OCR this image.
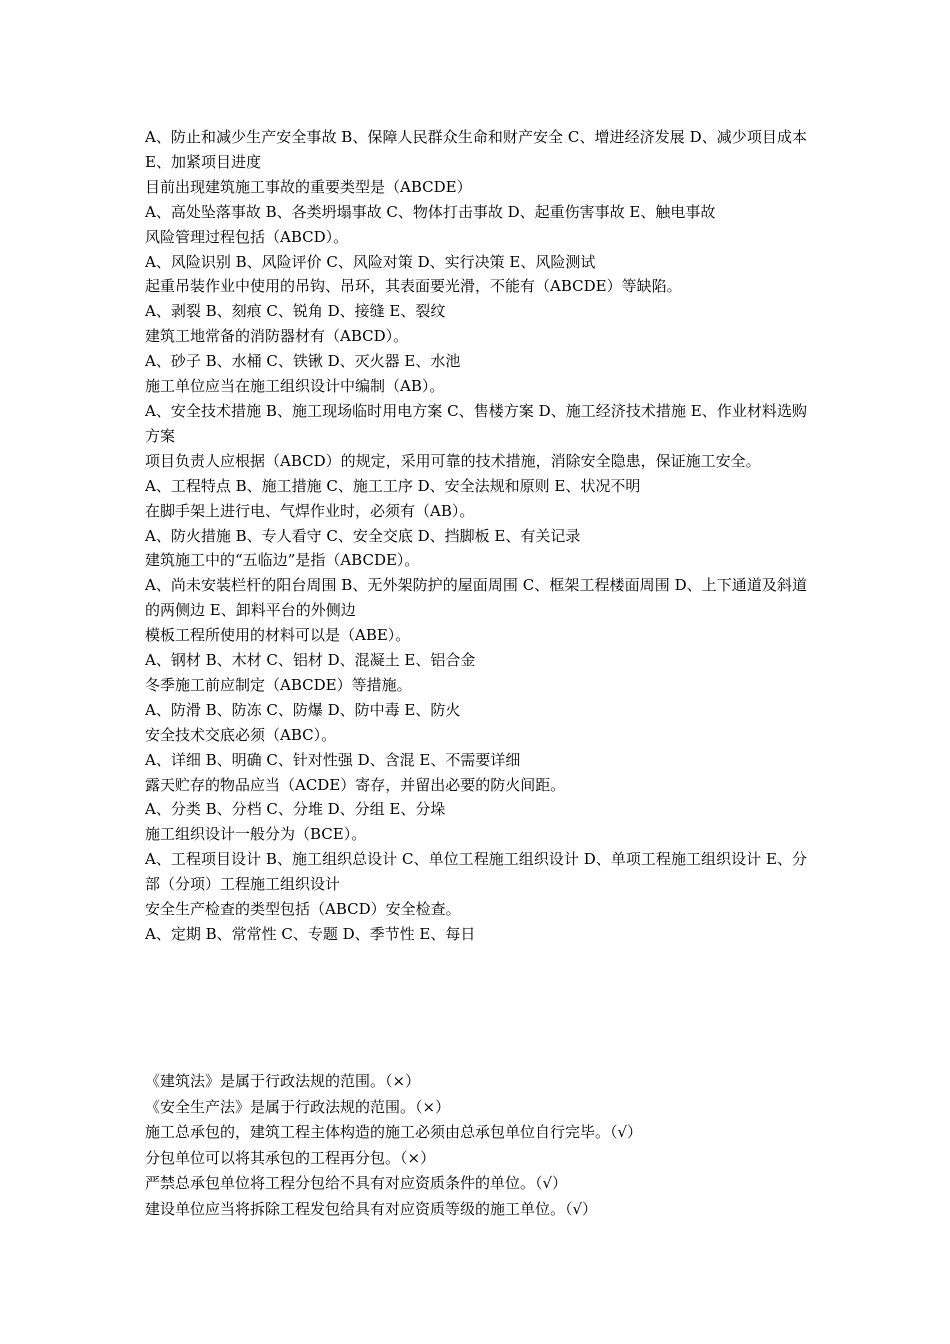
A、防止和减少生产安全事故 B、保障人民群众生命和财产安全 C、增进经济发展 D、减少项目成本 E、加紧项目进度

目前出现建筑施工事故的重要类型是（ABCDE）

A、高处坠落事故 B、各类坍塌事故 C、物体打击事故 D、起重伤害事故 E、触电事故

风险管理过程包括（ABCD）。

A、风险识别 B、风险评价 C、风险对策 D、实行决策 E、风险测试

起重吊装作业中使用的吊钩、吊环，其表面要光滑，不能有（ABCDE）等缺陷。

A、剥裂 B、刻痕 C、锐角 D、接缝 E、裂纹

建筑工地常备的消防器材有（ABCD）。

A、砂子 B、水桶 C、铁锹 D、灭火器 E、水池

施工单位应当在施工组织设计中编制（AB）。

A、安全技术措施 B、施工现场临时用电方案 C、售楼方案 D、施工经济技术措施 E、作业材料选购方案

项目负责人应根据（ABCD）的规定，采用可靠的技术措施，消除安全隐患，保证施工安全。

A、工程特点 B、施工措施 C、施工工序 D、安全法规和原则 E、状况不明

在脚手架上进行电、气焊作业时，必须有（AB）。

A、防火措施 B、专人看守 C、安全交底 D、挡脚板 E、有关记录

建筑施工中的“五临边”是指（ABCDE）。

A、尚未安装栏杆的阳台周围 B、无外架防护的屋面周围 C、框架工程楼面周围 D、上下通道及斜道的两侧边 E、卸料平台的外侧边

模板工程所使用的材料可以是（ABE）。

A、钢材 B、木材 C、铝材 D、混凝土 E、铝合金

冬季施工前应制定（ABCDE）等措施。

A、防滑 B、防冻 C、防爆 D、防中毒 E、防火

安全技术交底必须（ABC）。

A、详细 B、明确 C、针对性强 D、含混 E、不需要详细

露天贮存的物品应当（ACDE）寄存，并留出必要的防火间距。

A、分类 B、分档 C、分堆 D、分组 E、分垛

施工组织设计一般分为（BCE）。

A、工程项目设计 B、施工组织总设计 C、单位工程施工组织设计 D、单项工程施工组织设计 E、分部（分项）工程施工组织设计

安全生产检查的类型包括（ABCD）安全检查。

A、定期 B、常常性 C、专题 D、季节性 E、每日

《建筑法》是属于行政法规的范围。（×）

《安全生产法》是属于行政法规的范围。（×）

施工总承包的，建筑工程主体构造的施工必须由总承包单位自行完毕。（√）

分包单位可以将其承包的工程再分包。（×）

严禁总承包单位将工程分包给不具有对应资质条件的单位。（√）

建设单位应当将拆除工程发包给具有对应资质等级的施工单位。（√）
